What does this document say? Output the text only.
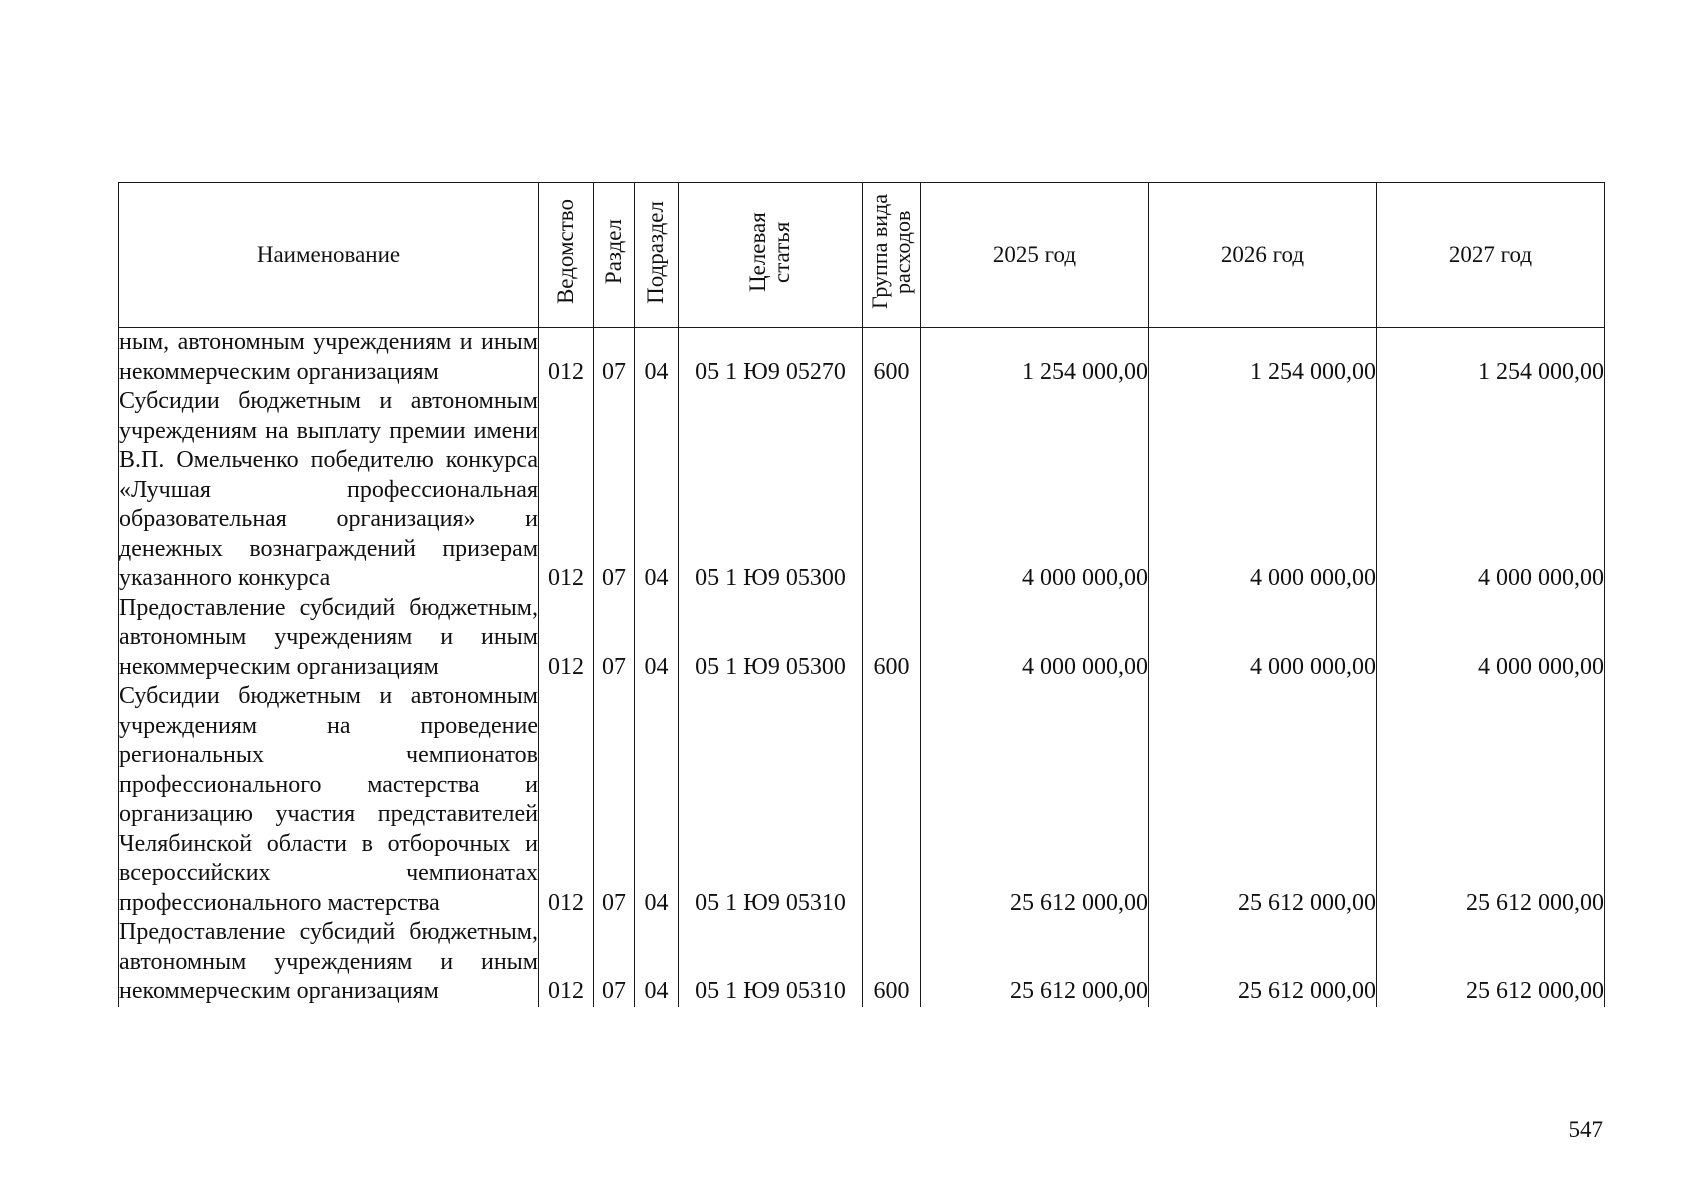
Наименование	Ведомство	Раздел	Подраздел	Целевая статья	Группа вида расходов	2025 год	2026 год	2027 год
ным, автономным учреждениям и иным некоммерческим организациям	012	07	04	05 1 Ю9 05270	600	1 254 000,00	1 254 000,00	1 254 000,00
Субсидии бюджетным и автономным учреждениям на выплату премии имени В.П. Омельченко победителю конкурса «Лучшая профессиональная образовательная организация» и денежных вознаграждений призерам указанного конкурса	012	07	04	05 1 Ю9 05300		4 000 000,00	4 000 000,00	4 000 000,00
Предоставление субсидий бюджетным, автономным учреждениям и иным некоммерческим организациям	012	07	04	05 1 Ю9 05300	600	4 000 000,00	4 000 000,00	4 000 000,00
Субсидии бюджетным и автономным учреждениям на проведение региональных чемпионатов профессионального мастерства и организацию участия представителей Челябинской области в отборочных и всероссийских чемпионатах профессионального мастерства	012	07	04	05 1 Ю9 05310		25 612 000,00	25 612 000,00	25 612 000,00
Предоставление субсидий бюджетным, автономным учреждениям и иным некоммерческим организациям	012	07	04	05 1 Ю9 05310	600	25 612 000,00	25 612 000,00	25 612 000,00
547
